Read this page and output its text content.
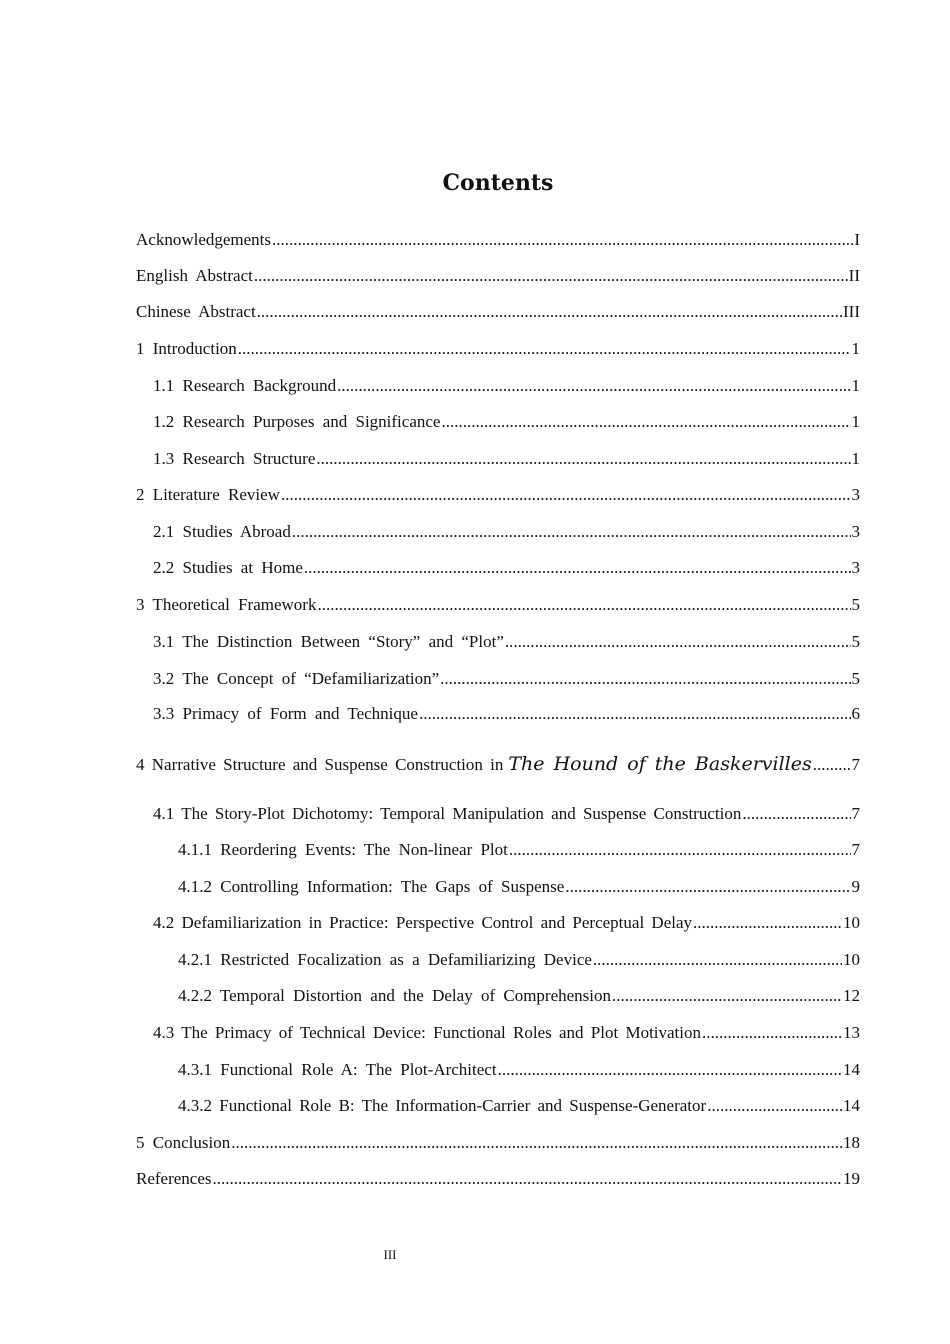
Contents
Acknowledgements .....	I
English Abstract .....	II
Chinese Abstract .....	III
1 Introduction .....	1
1.1 Research Background .....	1
1.2 Research Purposes and Significance .....	1
1.3 Research Structure .....	1
2 Literature Review .....	3
2.1 Studies Abroad .....	3
2.2 Studies at Home .....	3
3 Theoretical Framework .....	5
3.1 The Distinction Between “Story” and “Plot” .....	5
3.2 The Concept of “Defamiliarization” .....	5
3.3 Primacy of Form and Technique .....	6
4 Narrative Structure and Suspense Construction in The Hound of the Baskervilles ..... 7
4.1 The Story-Plot Dichotomy: Temporal Manipulation and Suspense Construction .....	7
4.1.1 Reordering Events: The Non-linear Plot .....	7
4.1.2 Controlling Information: The Gaps of Suspense .....	9
4.2 Defamiliarization in Practice: Perspective Control and Perceptual Delay .....	10
4.2.1 Restricted Focalization as a Defamiliarizing Device .....	10
4.2.2 Temporal Distortion and the Delay of Comprehension .....	12
4.3 The Primacy of Technical Device: Functional Roles and Plot Motivation .....	13
4.3.1 Functional Role A: The Plot-Architect .....	14
4.3.2 Functional Role B: The Information-Carrier and Suspense-Generator .....	14
5 Conclusion .....	18
References .....	19
III
